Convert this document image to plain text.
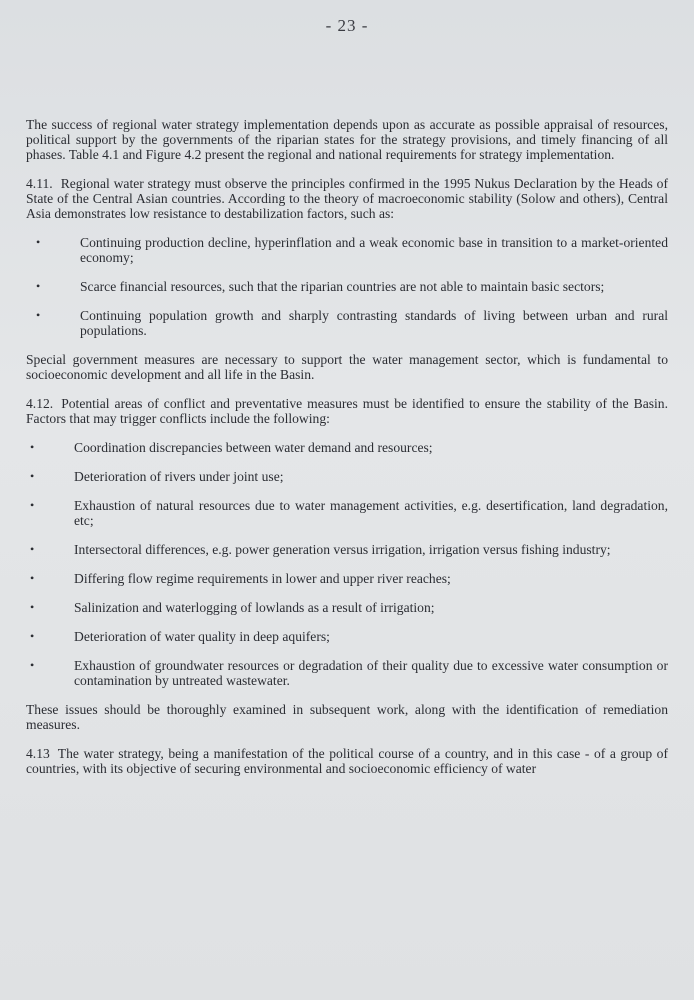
- 23 -

The success of regional water strategy implementation depends upon as accurate as possible appraisal of resources, political support by the governments of the riparian states for the strategy provisions, and timely financing of all phases. Table 4.1 and Figure 4.2 present the regional and national requirements for strategy implementation.

4.11. Regional water strategy must observe the principles confirmed in the 1995 Nukus Declaration by the Heads of State of the Central Asian countries. According to the theory of macroeconomic stability (Solow and others), Central Asia demonstrates low resistance to destabilization factors, such as:

•	Continuing production decline, hyperinflation and a weak economic base in transition to a market-oriented economy;
•	Scarce financial resources, such that the riparian countries are not able to maintain basic sectors;
•	Continuing population growth and sharply contrasting standards of living between urban and rural populations.

Special government measures are necessary to support the water management sector, which is fundamental to socioeconomic development and all life in the Basin.

4.12. Potential areas of conflict and preventative measures must be identified to ensure the stability of the Basin. Factors that may trigger conflicts include the following:

•	Coordination discrepancies between water demand and resources;
•	Deterioration of rivers under joint use;
•	Exhaustion of natural resources due to water management activities, e.g. desertification, land degradation, etc;
•	Intersectoral differences, e.g. power generation versus irrigation, irrigation versus fishing industry;
•	Differing flow regime requirements in lower and upper river reaches;
•	Salinization and waterlogging of lowlands as a result of irrigation;
•	Deterioration of water quality in deep aquifers;
•	Exhaustion of groundwater resources or degradation of their quality due to excessive water consumption or contamination by untreated wastewater.

These issues should be thoroughly examined in subsequent work, along with the identification of remediation measures.

4.13 The water strategy, being a manifestation of the political course of a country, and in this case - of a group of countries, with its objective of securing environmental and socioeconomic efficiency of water
